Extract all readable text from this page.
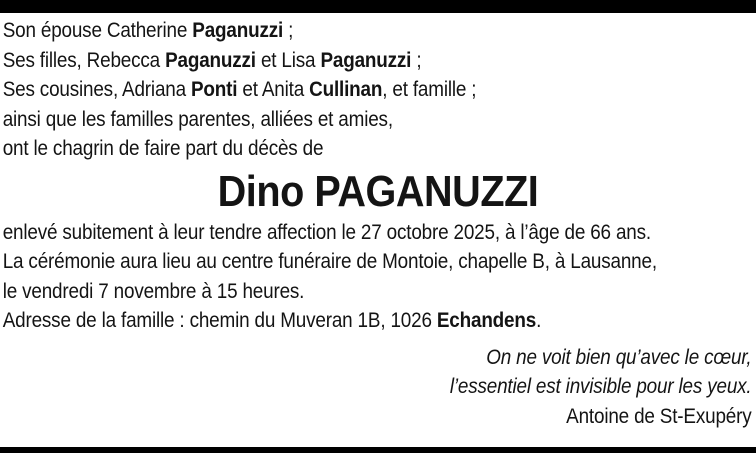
Son épouse Catherine Paganuzzi ;
Ses filles, Rebecca Paganuzzi et Lisa Paganuzzi ;
Ses cousines, Adriana Ponti et Anita Cullinan, et famille ;
ainsi que les familles parentes, alliées et amies,
ont le chagrin de faire part du décès de
Dino PAGANUZZI
enlevé subitement à leur tendre affection le 27 octobre 2025, à l’âge de 66 ans.
La cérémonie aura lieu au centre funéraire de Montoie, chapelle B, à Lausanne,
le vendredi 7 novembre à 15 heures.
Adresse de la famille : chemin du Muveran 1B, 1026 Echandens.
On ne voit bien qu’avec le cœur,
l’essentiel est invisible pour les yeux.
Antoine de St-Exupéry
